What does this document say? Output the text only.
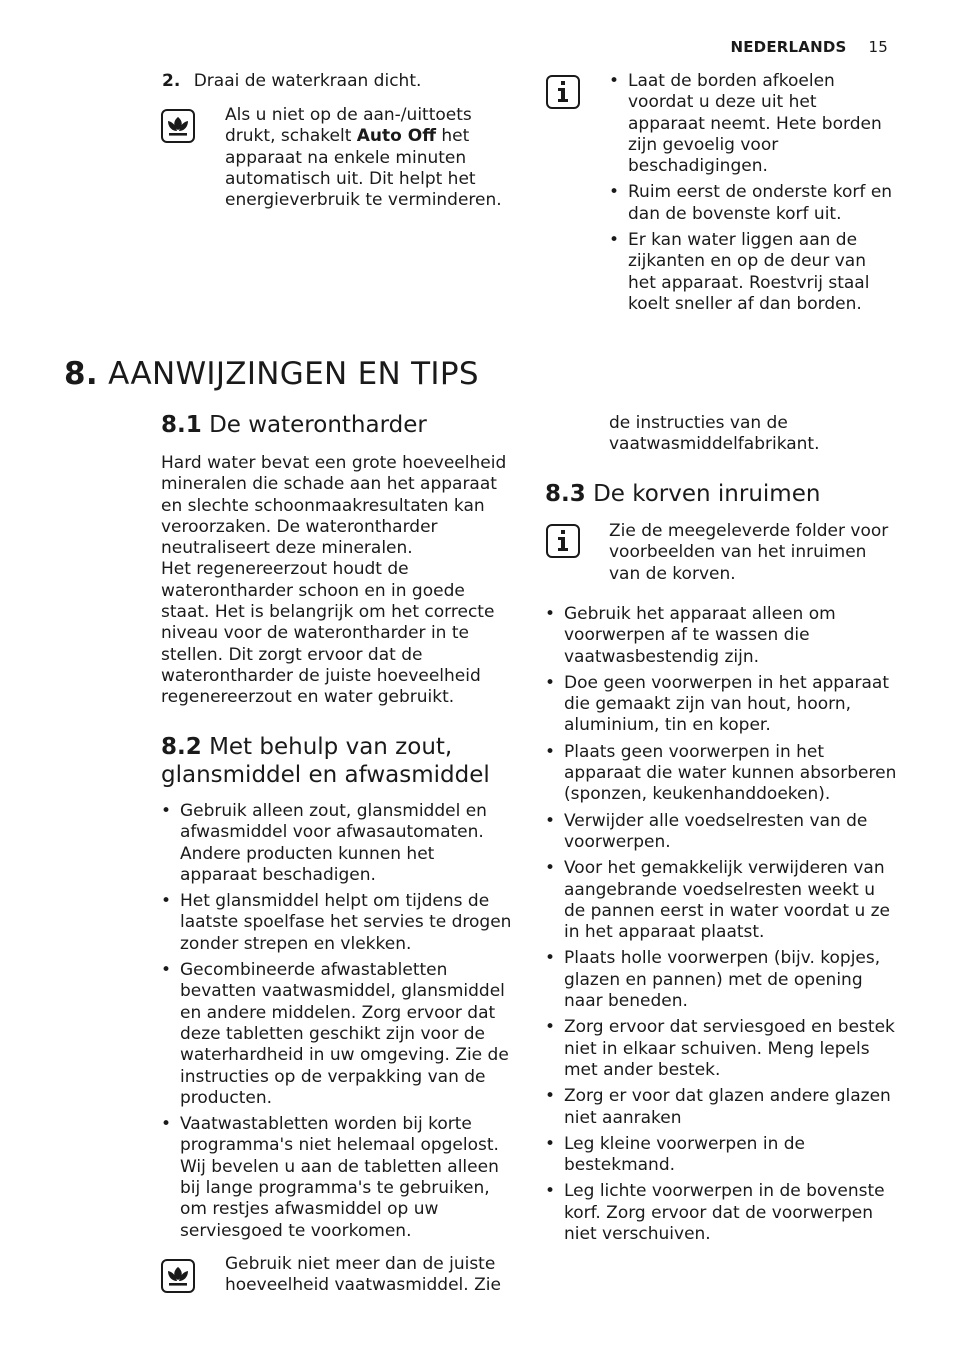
NEDERLANDS 15
2. Draai de waterkraan dicht.
Als u niet op de aan-/uittoets drukt, schakelt Auto Off het apparaat na enkele minuten automatisch uit. Dit helpt het energieverbruik te verminderen.
• Laat de borden afkoelen voordat u deze uit het apparaat neemt. Hete borden zijn gevoelig voor beschadigingen.
• Ruim eerst de onderste korf en dan de bovenste korf uit.
• Er kan water liggen aan de zijkanten en op de deur van het apparaat. Roestvrij staal koelt sneller af dan borden.
8. AANWIJZINGEN EN TIPS
8.1 De waterontharder
Hard water bevat een grote hoeveelheid mineralen die schade aan het apparaat en slechte schoonmaakresultaten kan veroorzaken. De waterontharder neutraliseert deze mineralen.
Het regenereerzout houdt de waterontharder schoon en in goede staat. Het is belangrijk om het correcte niveau voor de waterontharder in te stellen. Dit zorgt ervoor dat de waterontharder de juiste hoeveelheid regenereerzout en water gebruikt.
8.2 Met behulp van zout,
glansmiddel en afwasmiddel
• Gebruik alleen zout, glansmiddel en afwasmiddel voor afwasautomaten. Andere producten kunnen het apparaat beschadigen.
• Het glansmiddel helpt om tijdens de laatste spoelfase het servies te drogen zonder strepen en vlekken.
• Gecombineerde afwastabletten bevatten vaatwasmiddel, glansmiddel en andere middelen. Zorg ervoor dat deze tabletten geschikt zijn voor de waterhardheid in uw omgeving. Zie de instructies op de verpakking van de producten.
• Vaatwastabletten worden bij korte programma's niet helemaal opgelost. Wij bevelen u aan de tabletten alleen bij lange programma's te gebruiken, om restjes afwasmiddel op uw serviesgoed te voorkomen.
Gebruik niet meer dan de juiste hoeveelheid vaatwasmiddel. Zie
de instructies van de vaatwasmiddelfabrikant.
8.3 De korven inruimen
Zie de meegeleverde folder voor voorbeelden van het inruimen van de korven.
• Gebruik het apparaat alleen om voorwerpen af te wassen die vaatwasbestendig zijn.
• Doe geen voorwerpen in het apparaat die gemaakt zijn van hout, hoorn, aluminium, tin en koper.
• Plaats geen voorwerpen in het apparaat die water kunnen absorberen (sponzen, keukenhanddoeken).
• Verwijder alle voedselresten van de voorwerpen.
• Voor het gemakkelijk verwijderen van aangebrande voedselresten weekt u de pannen eerst in water voordat u ze in het apparaat plaatst.
• Plaats holle voorwerpen (bijv. kopjes, glazen en pannen) met de opening naar beneden.
• Zorg ervoor dat serviesgoed en bestek niet in elkaar schuiven. Meng lepels met ander bestek.
• Zorg er voor dat glazen andere glazen niet aanraken
• Leg kleine voorwerpen in de bestekmand.
• Leg lichte voorwerpen in de bovenste korf. Zorg ervoor dat de voorwerpen niet verschuiven.
